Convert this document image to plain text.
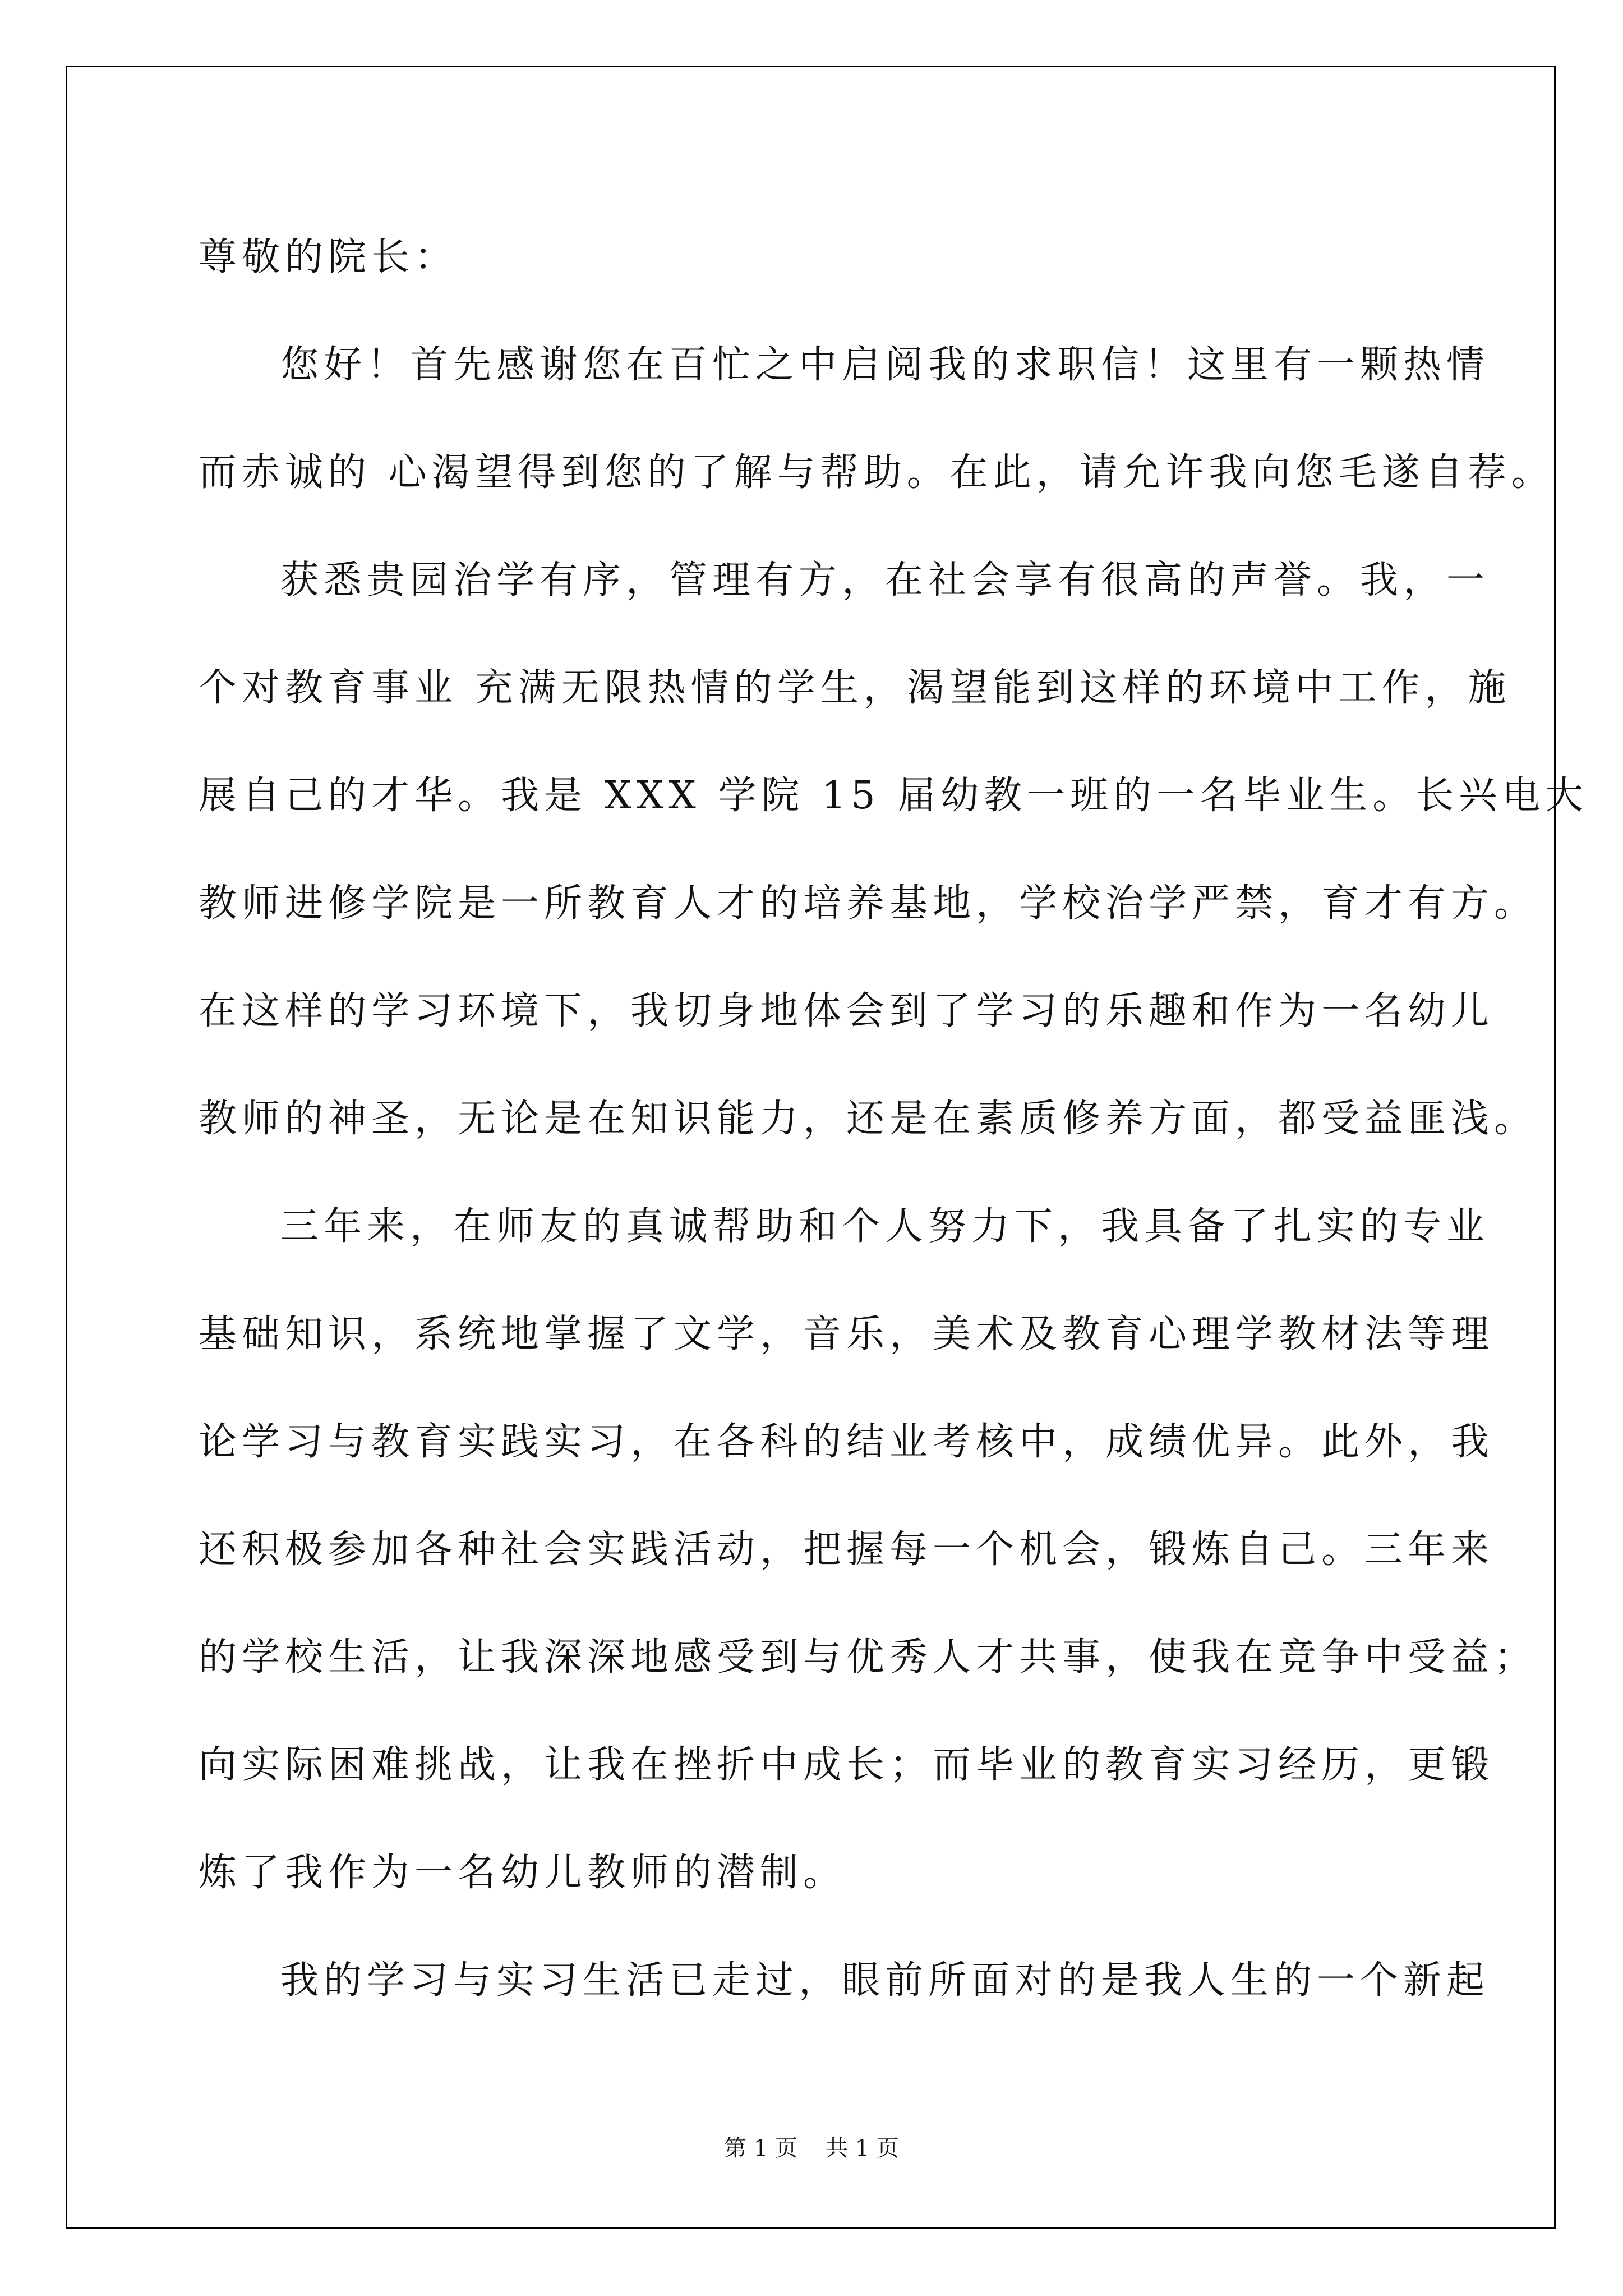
尊敬的院长：
您好！首先感谢您在百忙之中启阅我的求职信！这里有一颗热情
而赤诚的 心渴望得到您的了解与帮助。在此，请允许我向您毛遂自荐。
获悉贵园治学有序，管理有方，在社会享有很高的声誉。我，一
个对教育事业 充满无限热情的学生，渴望能到这样的环境中工作，施
展自己的才华。我是 XXX 学院 15 届幼教一班的一名毕业生。长兴电大
教师进修学院是一所教育人才的培养基地，学校治学严禁，育才有方。
在这样的学习环境下，我切身地体会到了学习的乐趣和作为一名幼儿
教师的神圣，无论是在知识能力，还是在素质修养方面，都受益匪浅。
三年来，在师友的真诚帮助和个人努力下，我具备了扎实的专业
基础知识，系统地掌握了文学，音乐，美术及教育心理学教材法等理
论学习与教育实践实习，在各科的结业考核中，成绩优异。此外，我
还积极参加各种社会实践活动，把握每一个机会，锻炼自己。三年来
的学校生活，让我深深地感受到与优秀人才共事，使我在竞争中受益；
向实际困难挑战，让我在挫折中成长；而毕业的教育实习经历，更锻
炼了我作为一名幼儿教师的潜制。
我的学习与实习生活已走过，眼前所面对的是我人生的一个新起
第 1 页 共 1 页
